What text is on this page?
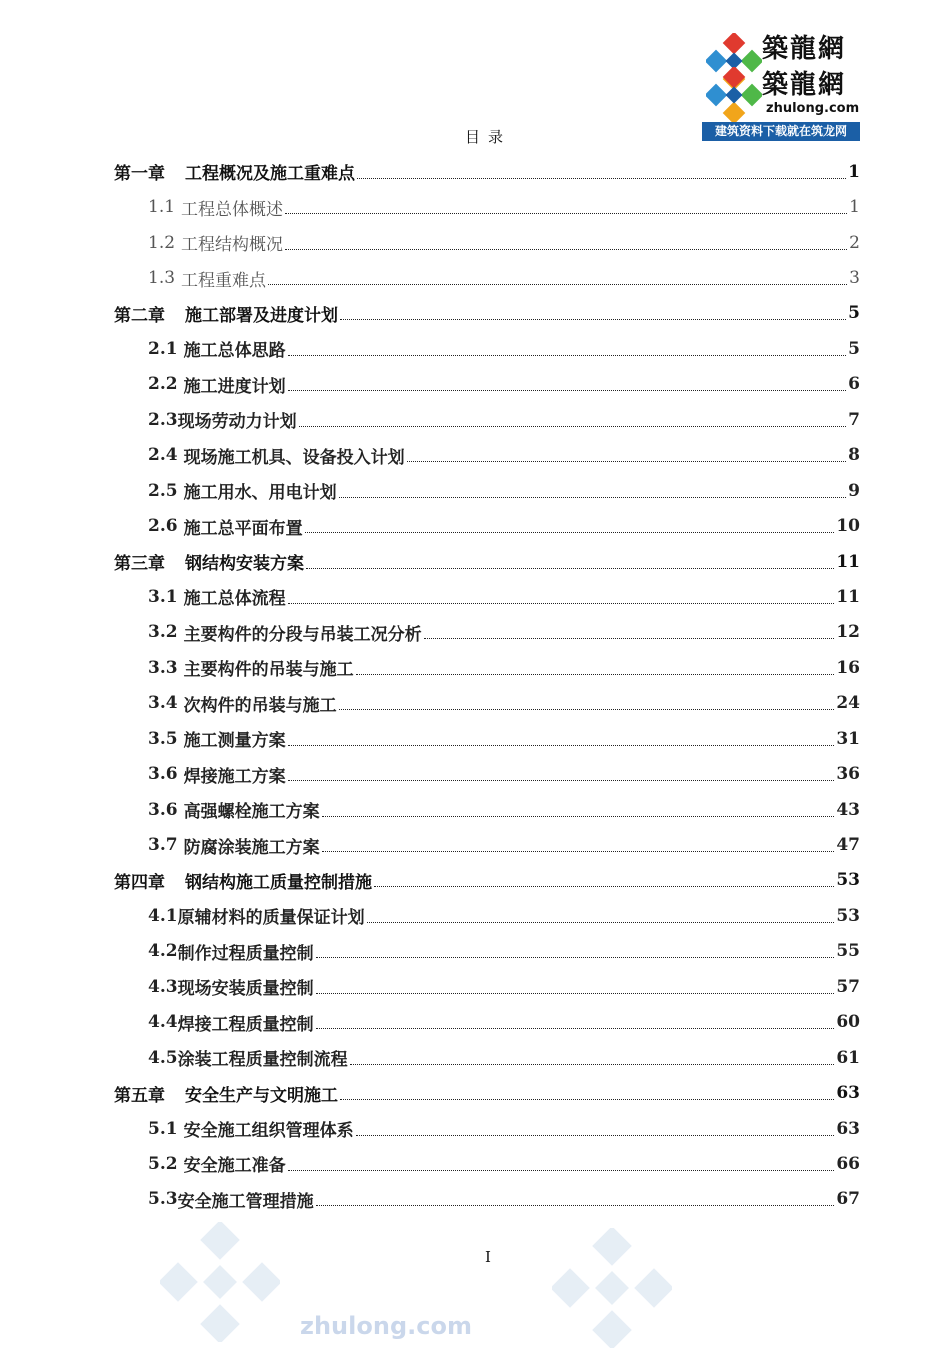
築龍網
築龍網
zhulong.com
建筑资料下载就在筑龙网
目录
第一章 工程概况及施工重难点	1
1.1 工程总体概述	1
1.2 工程结构概况	2
1.3 工程重难点	3
第二章 施工部署及进度计划	5
2.1 施工总体思路	5
2.2 施工进度计划	6
2.3 现场劳动力计划	7
2.4 现场施工机具、设备投入计划	8
2.5 施工用水、用电计划	9
2.6 施工总平面布置	10
第三章 钢结构安装方案	11
3.1 施工总体流程	11
3.2 主要构件的分段与吊装工况分析	12
3.3 主要构件的吊装与施工	16
3.4 次构件的吊装与施工	24
3.5 施工测量方案	31
3.6 焊接施工方案	36
3.6 高强螺栓施工方案	43
3.7 防腐涂装施工方案	47
第四章 钢结构施工质量控制措施	53
4.1 原辅材料的质量保证计划	53
4.2 制作过程质量控制	55
4.3 现场安装质量控制	57
4.4 焊接工程质量控制	60
4.5 涂装工程质量控制流程	61
第五章 安全生产与文明施工	63
5.1 安全施工组织管理体系	63
5.2 安全施工准备	66
5.3 安全施工管理措施	67
I
zhulong.com
